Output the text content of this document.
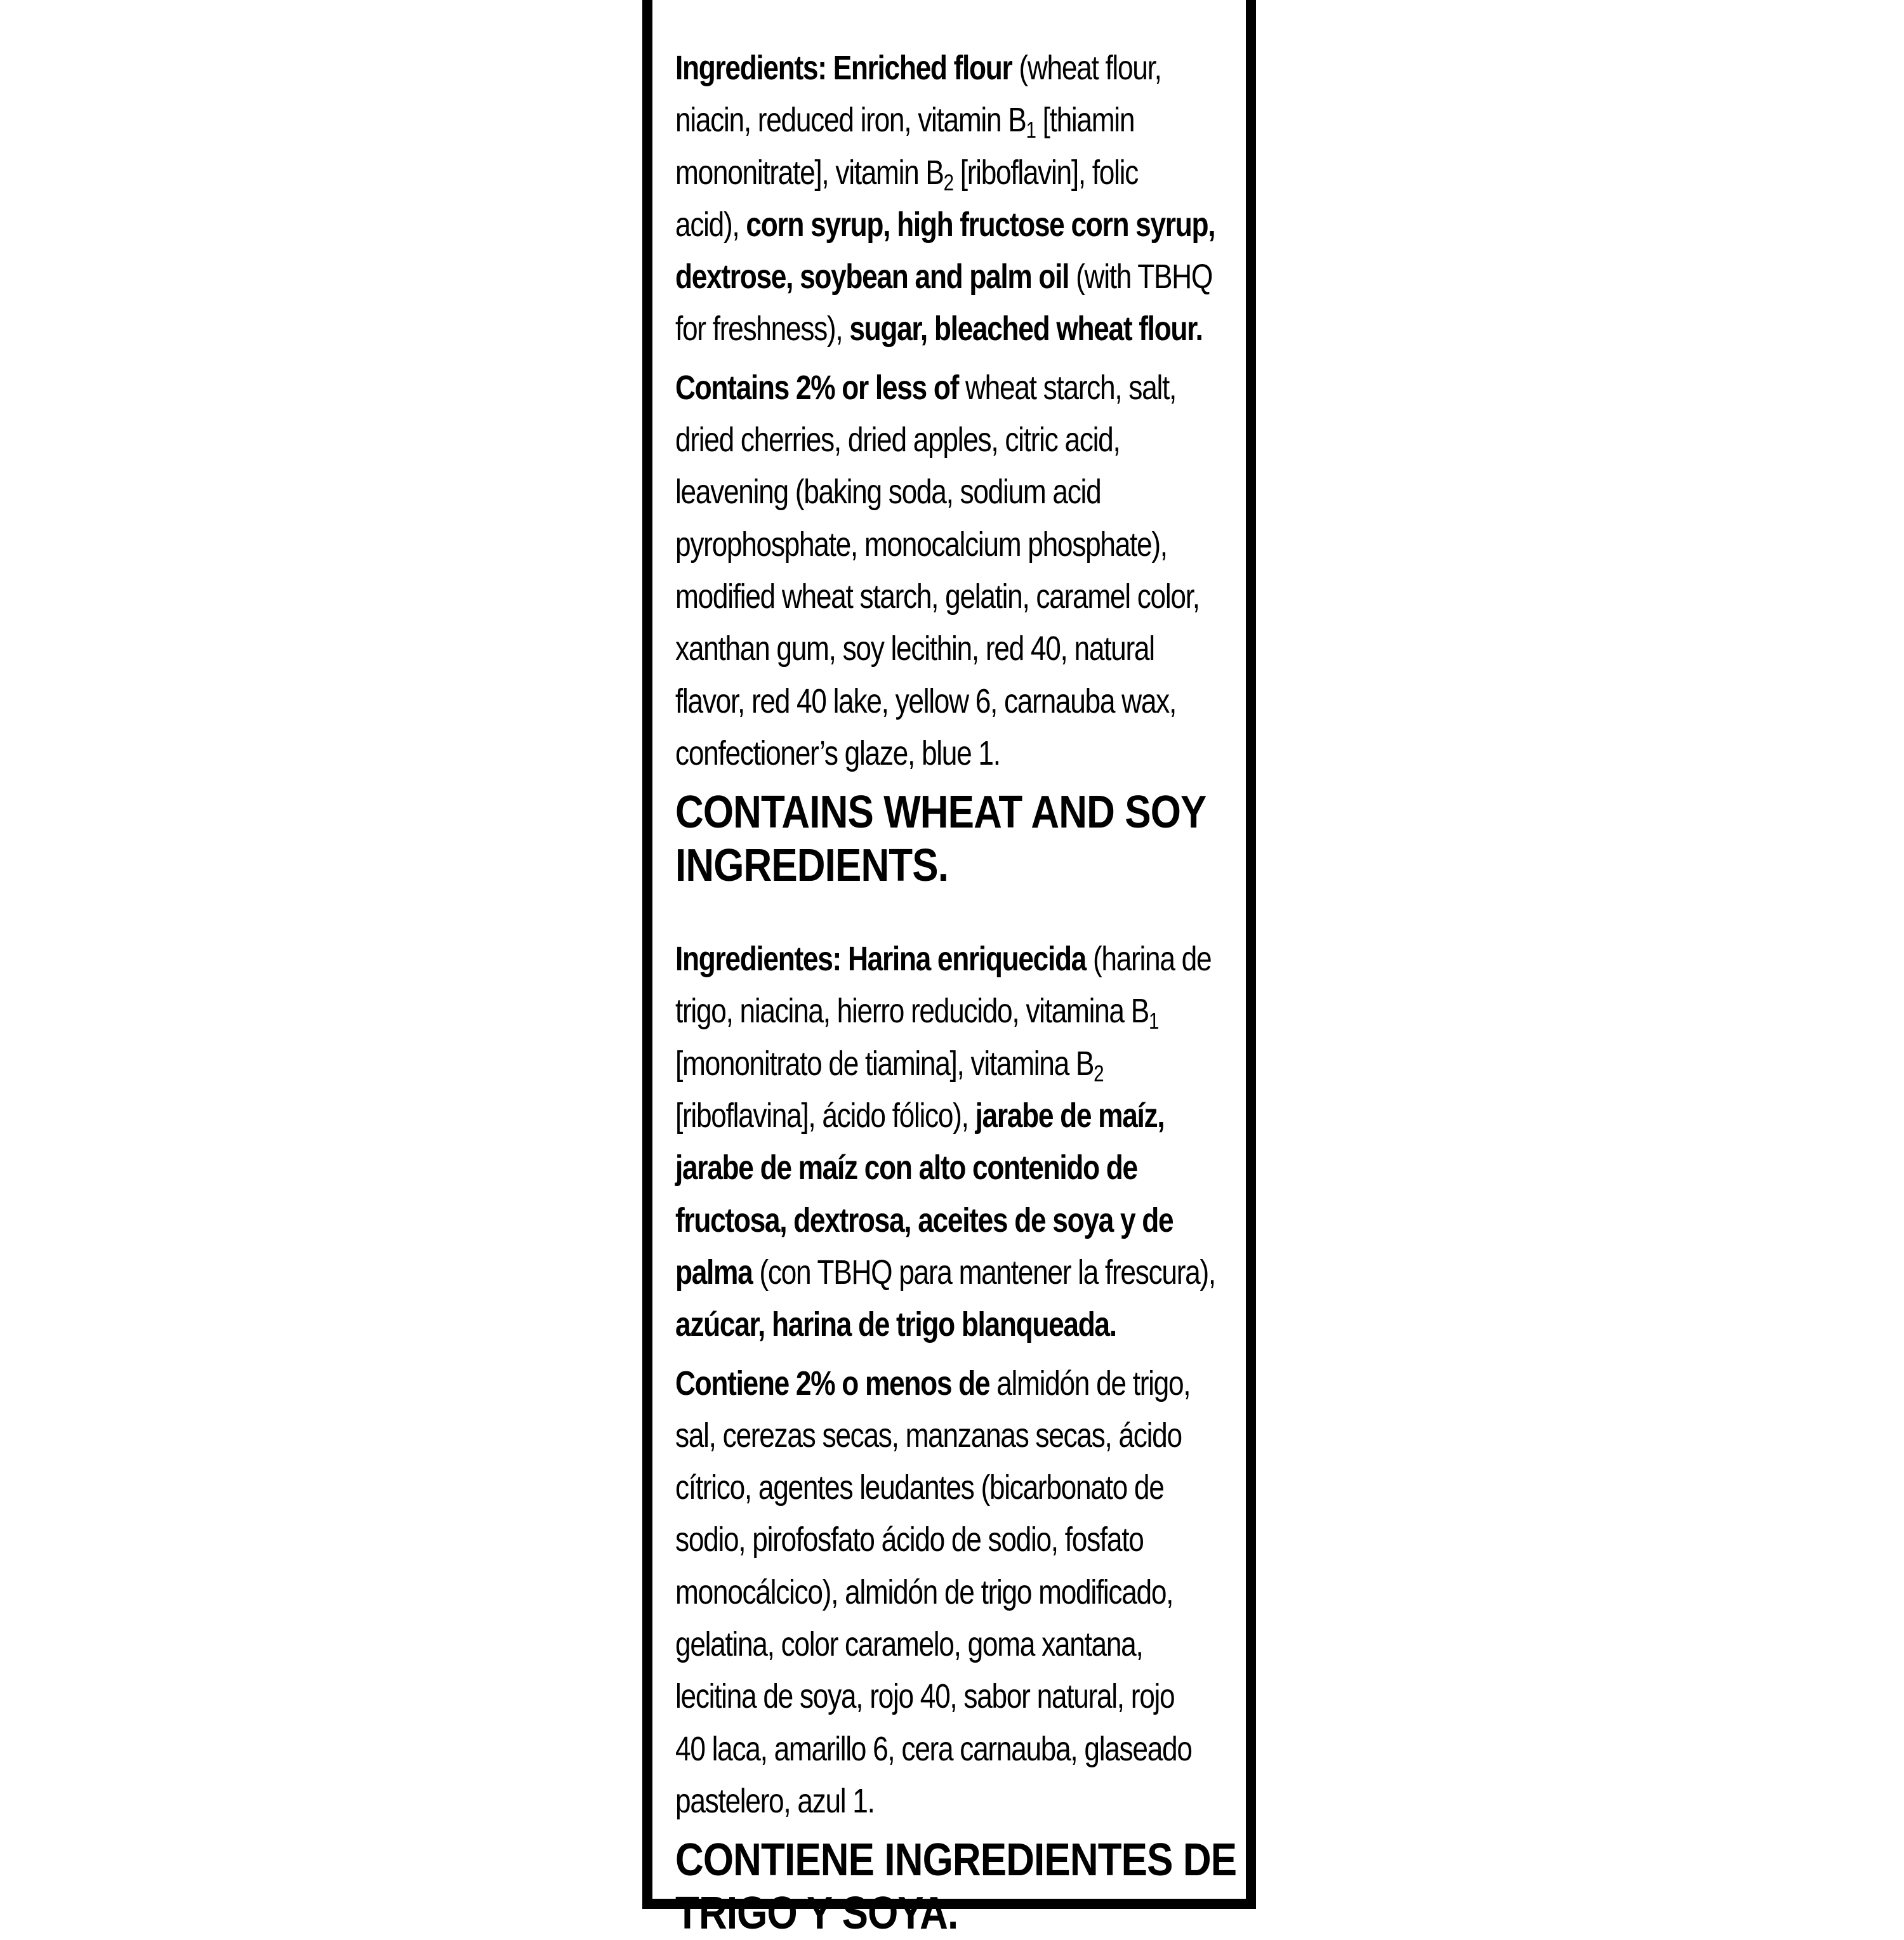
Ingredients: Enriched flour (wheat flour,
niacin, reduced iron, vitamin $B_1$ [thiamin
mononitrate], vitamin $B_2$ [riboflavin], folic
acid), corn syrup, high fructose corn syrup,
dextrose, soybean and palm oil (with TBHQ
for freshness), sugar, bleached wheat flour.
Contains 2% or less of wheat starch, salt,
dried cherries, dried apples, citric acid,
leavening (baking soda, sodium acid
pyrophosphate, monocalcium phosphate),
modified wheat starch, gelatin, caramel color,
xanthan gum, soy lecithin, red 40, natural
flavor, red 40 lake, yellow 6, carnauba wax,
confectioner’s glaze, blue 1.
CONTAINS WHEAT AND SOY
INGREDIENTS.
Ingredientes: Harina enriquecida (harina de
trigo, niacina, hierro reducido, vitamina $B_1$
[mononitrato de tiamina], vitamina $B_2$
[riboflavina], ácido fólico), jarabe de maíz,
jarabe de maíz con alto contenido de
fructosa, dextrosa, aceites de soya y de
palma (con TBHQ para mantener la frescura),
azúcar, harina de trigo blanqueada.
Contiene 2% o menos de almidón de trigo,
sal, cerezas secas, manzanas secas, ácido
cítrico, agentes leudantes (bicarbonato de
sodio, pirofosfato ácido de sodio, fosfato
monocálcico), almidón de trigo modificado,
gelatina, color caramelo, goma xantana,
lecitina de soya, rojo 40, sabor natural, rojo
40 laca, amarillo 6, cera carnauba, glaseado
pastelero, azul 1.
CONTIENE INGREDIENTES DE
TRIGO Y SOYA.
